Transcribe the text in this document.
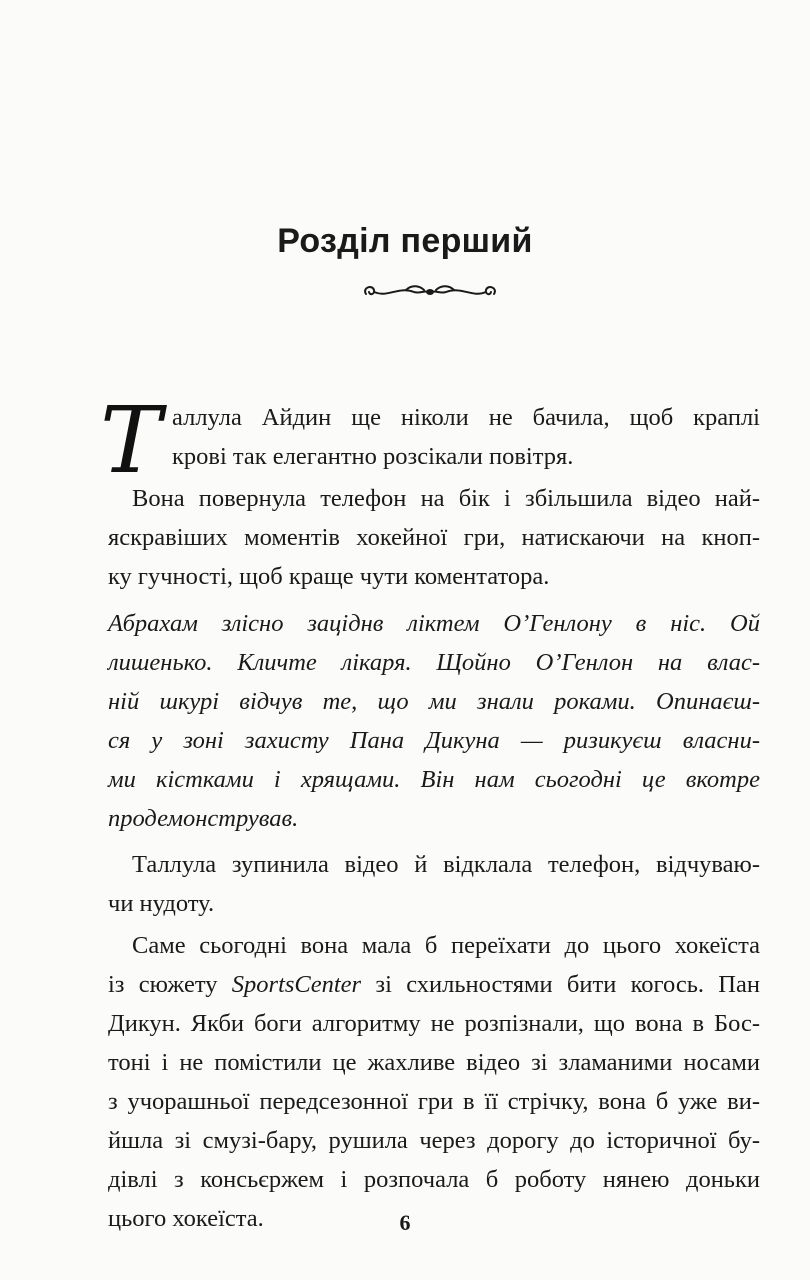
Розділ перший
Т аллула Айдин ще ніколи не бачила, щоб краплі
крові так елегантно розсікали повітря.
Вона повернула телефон на бік і збільшила відео най-
яскравіших моментів хокейної гри, натискаючи на кноп-
ку гучності, щоб краще чути коментатора.
Абрахам злісно заціднв ліктем О’Генлону в ніс. Ой
лишенько. Кличте лікаря. Щойно О’Генлон на влас-
ній шкурі відчув те, що ми знали роками. Опинаєш-
ся у зоні захисту Пана Дикуна — ризикуєш власни-
ми кістками і хрящами. Він нам сьогодні це вкотре
продемонстрував.
Таллула зупинила відео й відклала телефон, відчуваю-
чи нудоту.
Саме сьогодні вона мала б переїхати до цього хокеїста
із сюжету SportsCenter зі схильностями бити когось. Пан
Дикун. Якби боги алгоритму не розпізнали, що вона в Бос-
тоні і не помістили це жахливе відео зі зламаними носами
з учорашньої передсезонної гри в її стрічку, вона б уже ви-
йшла зі смузі-бару, рушила через дорогу до історичної бу-
дівлі з консьєржем і розпочала б роботу нянею доньки
цього хокеїста.	6
